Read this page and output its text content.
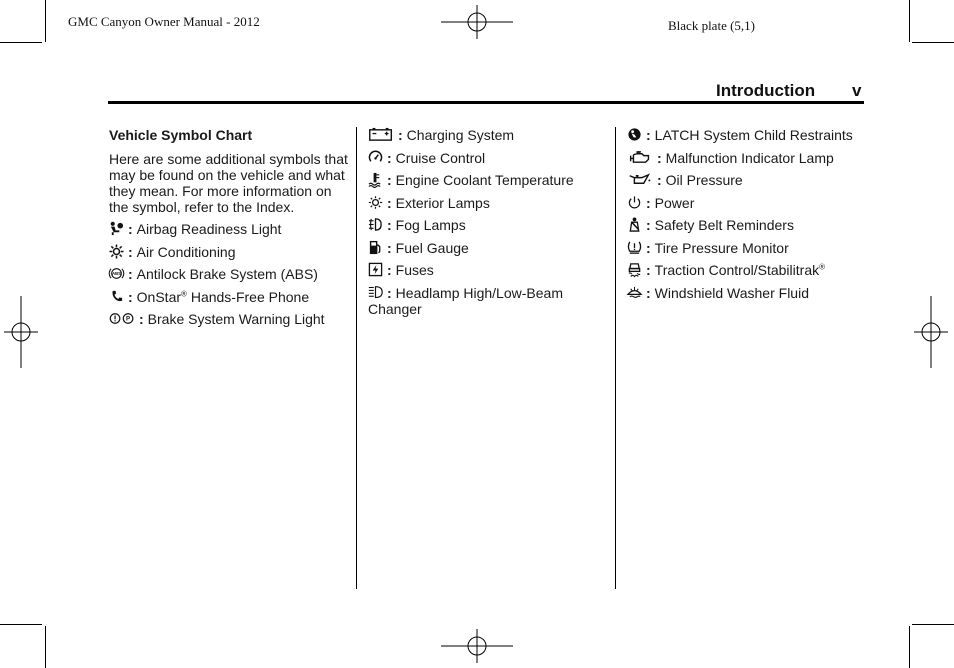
GMC Canyon Owner Manual - 2012	Black plate (5,1)
Introduction v
Vehicle Symbol Chart
Here are some additional symbols that may be found on the vehicle and what they mean. For more information on the symbol, refer to the Index.
: Airbag Readiness Light
: Air Conditioning
ABS : Antilock Brake System (ABS)
: OnStar® Hands-Free Phone
P : Brake System Warning Light
: Charging System
: Cruise Control
: Engine Coolant Temperature
: Exterior Lamps
: Fog Lamps
: Fuel Gauge
: Fuses
: Headlamp High/Low-Beam Changer
: LATCH System Child Restraints
: Malfunction Indicator Lamp
: Oil Pressure
: Power
: Safety Belt Reminders
: Tire Pressure Monitor
: Traction Control/Stabilitrak®
: Windshield Washer Fluid
